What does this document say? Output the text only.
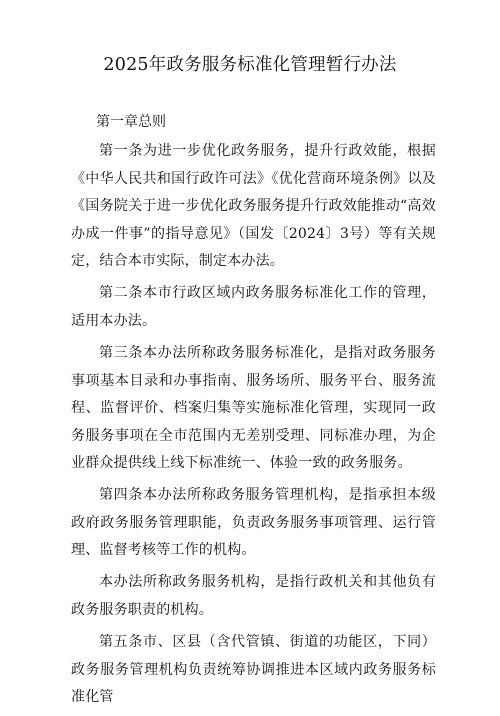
2025年政务服务标准化管理暂行办法
第一章总则

第一条为进一步优化政务服务，提升行政效能，根据《中华人民共和国行政许可法》《优化营商环境条例》以及《国务院关于进一步优化政务服务提升行政效能推动“高效办成一件事”的指导意见》（国发〔2024〕3号）等有关规定，结合本市实际，制定本办法。

第二条本市行政区域内政务服务标准化工作的管理，适用本办法。

第三条本办法所称政务服务标准化，是指对政务服务事项基本目录和办事指南、服务场所、服务平台、服务流程、监督评价、档案归集等实施标准化管理，实现同一政务服务事项在全市范围内无差别受理、同标准办理，为企业群众提供线上线下标准统一、体验一致的政务服务。

第四条本办法所称政务服务管理机构，是指承担本级政府政务服务管理职能，负责政务服务事项管理、运行管理、监督考核等工作的机构。

本办法所称政务服务机构，是指行政机关和其他负有政务服务职责的机构。

第五条市、区县（含代管镇、街道的功能区，下同）政务服务管理机构负责统筹协调推进本区域内政务服务标准化管
